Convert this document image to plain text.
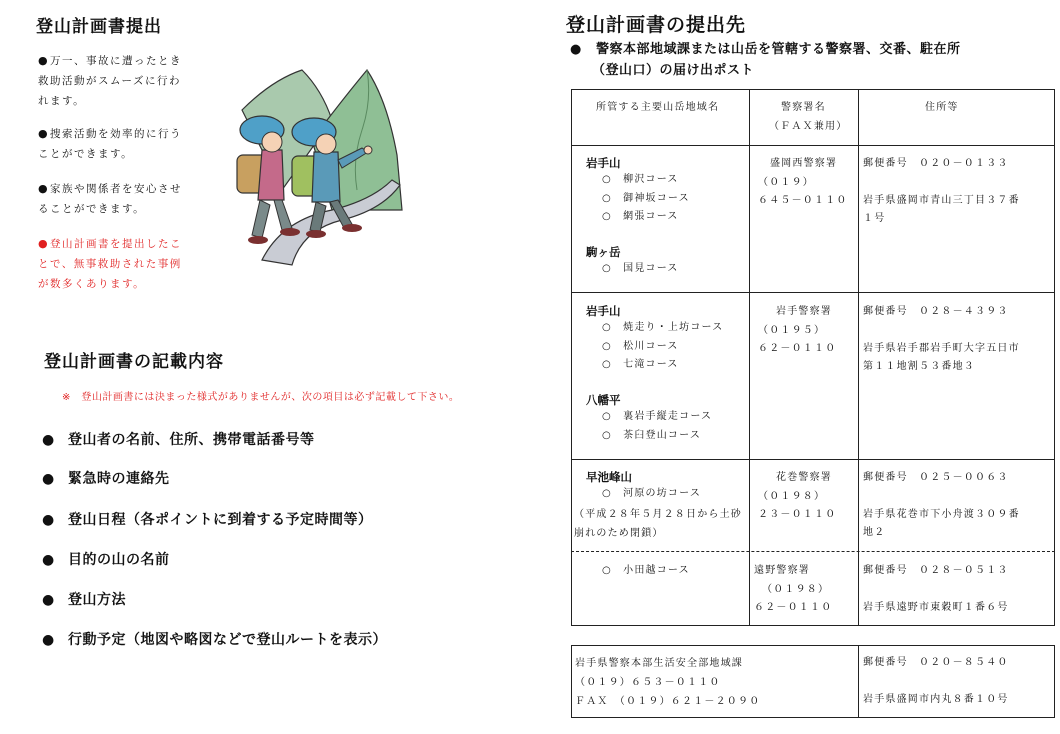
登山計画書提出
● 万一、事故に遭ったとき
救助活動がスムーズに行わ
れます。
● 捜索活動を効率的に行う
ことができます。
● 家族や関係者を安心させ
ることができます。
● 登山計画書を提出したこ
とで、無事救助された事例
が数多くあります。
登山計画書の記載内容
※　登山計画書には決まった様式がありませんが、次の項目は必ず記載して下さい。
● 登山者の名前、住所、携帯電話番号等
● 緊急時の連絡先
● 登山日程（各ポイントに到着する予定時間等）
● 目的の山の名前
● 登山方法
● 行動予定（地図や略図などで登山ルートを表示）
登山計画書の提出先
● 警察本部地域課または山岳を管轄する警察署、交番、駐在所
（登山口）の届け出ポスト
所管する主要山岳地域名	警察署名
（ＦＡＸ兼用）
住所等
岩手山
○　柳沢コース
○　御神坂コース
○　網張コース
駒ヶ岳
○　国見コース
盛岡西警察署
（０１９）
６４５－０１１０
郵便番号　０２０－０１３３
岩手県盛岡市青山三丁目３７番
１号
岩手山
○　焼走り・上坊コース
○　松川コース
○　七滝コース
八幡平
○　裏岩手縦走コース
○　茶臼登山コース
岩手警察署
（０１９５）
６２－０１１０
郵便番号　０２８－４３９３
岩手県岩手郡岩手町大字五日市
第１１地割５３番地３
早池峰山
○　河原の坊コース
（平成２８年５月２８日から土砂
崩れのため閉鎖）
花巻警察署
（０１９８）
２３－０１１０
郵便番号　０２５－００６３
岩手県花巻市下小舟渡３０９番
地２
○　小田越コース	遠野警察署
（０１９８）
６２－０１１０
郵便番号　０２８－０５１３
岩手県遠野市東穀町１番６号
岩手県警察本部生活安全部地域課
（０１９）６５３－０１１０
ＦＡＸ　（０１９）６２１－２０９０
郵便番号　０２０－８５４０
岩手県盛岡市内丸８番１０号
